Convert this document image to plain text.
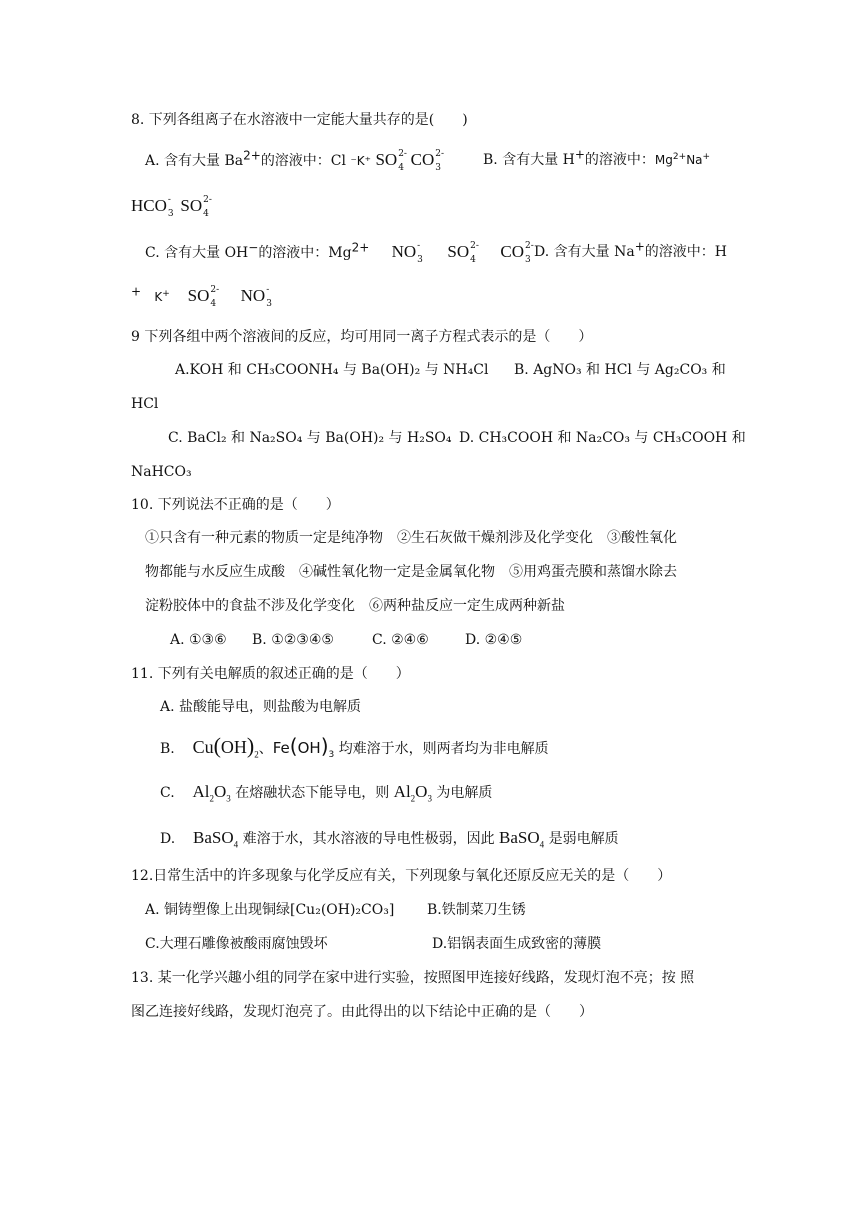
8. 下列各组离子在水溶液中一定能大量共存的是(　　)
A. 含有大量 $Ba^{2+}$的溶液中：Cl ⁻K⁺ SO 2-
4 CO 2-
3	B. 含有大量 H+的溶液中：$Mg^{2+}Na^+$
HCO -
3 SO 2-
4
C. 含有大量 OH−的溶液中：$Mg^{2+}$ NO -
3 SO 2-
4 CO 2-
3 D. 含有大量 Na+的溶液中：H
+ K+ SO 2-
4 NO -
3
9 下列各组中两个溶液间的反应，均可用同一离子方程式表示的是（　　）
A.KOH 和 CH₃COONH₄ 与 Ba(OH)₂ 与 NH₄Cl B. AgNO₃ 和 HCl 与 Ag₂CO₃ 和
HCl
C. BaCl₂ 和 Na₂SO₄ 与 Ba(OH)₂ 与 H₂SO₄ D. CH₃COOH 和 Na₂CO₃ 与 CH₃COOH 和
NaHCO₃
10. 下列说法不正确的是（　　）
①只含有一种元素的物质一定是纯净物　②生石灰做干燥剂涉及化学变化　③酸性氧化
物都能与水反应生成酸　④碱性氧化物一定是金属氧化物　⑤用鸡蛋壳膜和蒸馏水除去
淀粉胶体中的食盐不涉及化学变化　⑥两种盐反应一定生成两种新盐
A. ①③⑥ B. ①②③④⑤	C. ②④⑥	D. ②④⑤
11. 下列有关电解质的叙述正确的是（　　）
A. 盐酸能导电，则盐酸为电解质
B. $Cu(OH)_2$、$Fe(OH)_3$ 均难溶于水，则两者均为非电解质
C. $Al_2O_3$ 在熔融状态下能导电，则 $Al_2O_3$ 为电解质
D. BaSO$_4$ 难溶于水，其水溶液的导电性极弱，因此 BaSO$_4$ 是弱电解质
12.日常生活中的许多现象与化学反应有关，下列现象与氧化还原反应无关的是（　　）
A. 铜铸塑像上出现铜绿[Cu₂(OH)₂CO₃] B.铁制菜刀生锈
C.大理石雕像被酸雨腐蚀毁坏	D.铝锅表面生成致密的薄膜
13. 某一化学兴趣小组的同学在家中进行实验，按照图甲连接好线路，发现灯泡不亮；按 照
图乙连接好线路，发现灯泡亮了。由此得出的以下结论中正确的是（　　）
